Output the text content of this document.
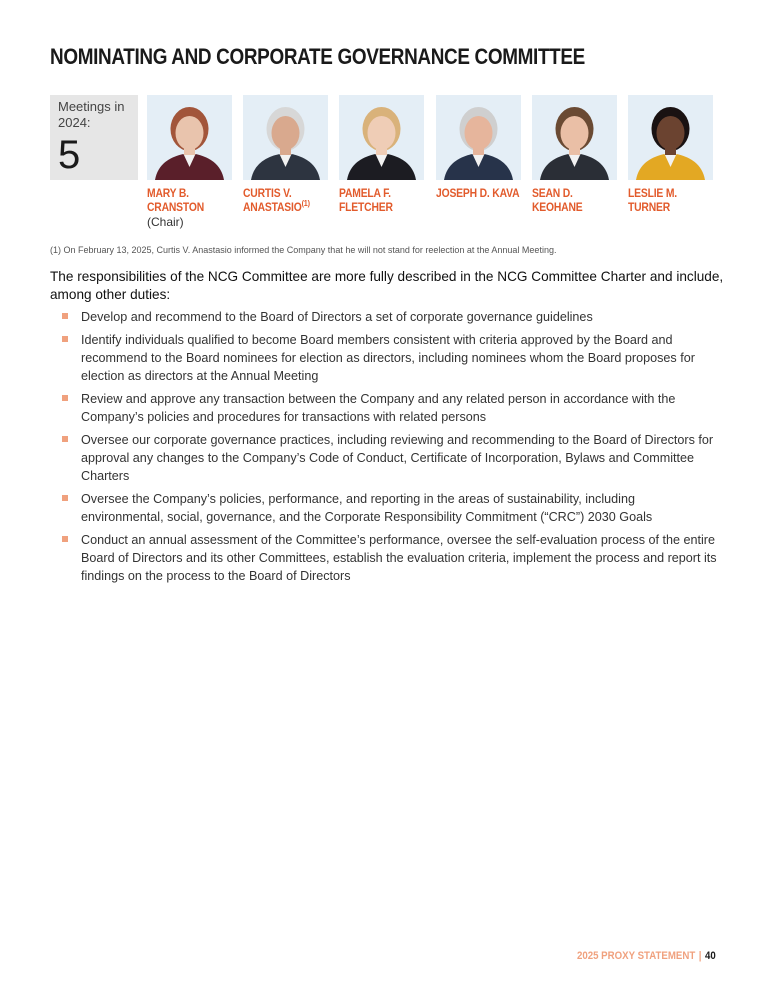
NOMINATING AND CORPORATE GOVERNANCE COMMITTEE
Meetings in 2024:
5
MARY B.
CRANSTON
(Chair)
CURTIS V.
ANASTASIO$^{(1)}$
PAMELA F.
FLETCHER
JOSEPH D. KAVA	SEAN D. KEOHANE
LESLIE M. TURNER
(1) On February 13, 2025, Curtis V. Anastasio informed the Company that he will not stand for reelection at the Annual Meeting.

The responsibilities of the NCG Committee are more fully described in the NCG Committee Charter and include, among other duties:

Develop and recommend to the Board of Directors a set of corporate governance guidelines
Identify individuals qualified to become Board members consistent with criteria approved by the Board and recommend to the Board nominees for election as directors, including nominees whom the Board proposes for election as directors at the Annual Meeting
Review and approve any transaction between the Company and any related person in accordance with the Company’s policies and procedures for transactions with related persons
Oversee our corporate governance practices, including reviewing and recommending to the Board of Directors for approval any changes to the Company’s Code of Conduct, Certificate of Incorporation, Bylaws and Committee Charters
Oversee the Company’s policies, performance, and reporting in the areas of sustainability, including environmental, social, governance, and the Corporate Responsibility Commitment (“CRC”) 2030 Goals
Conduct an annual assessment of the Committee’s performance, oversee the self-evaluation process of the entire Board of Directors and its other Committees, establish the evaluation criteria, implement the process and report its findings on the process to the Board of Directors
2025 PROXY STATEMENT | 40
